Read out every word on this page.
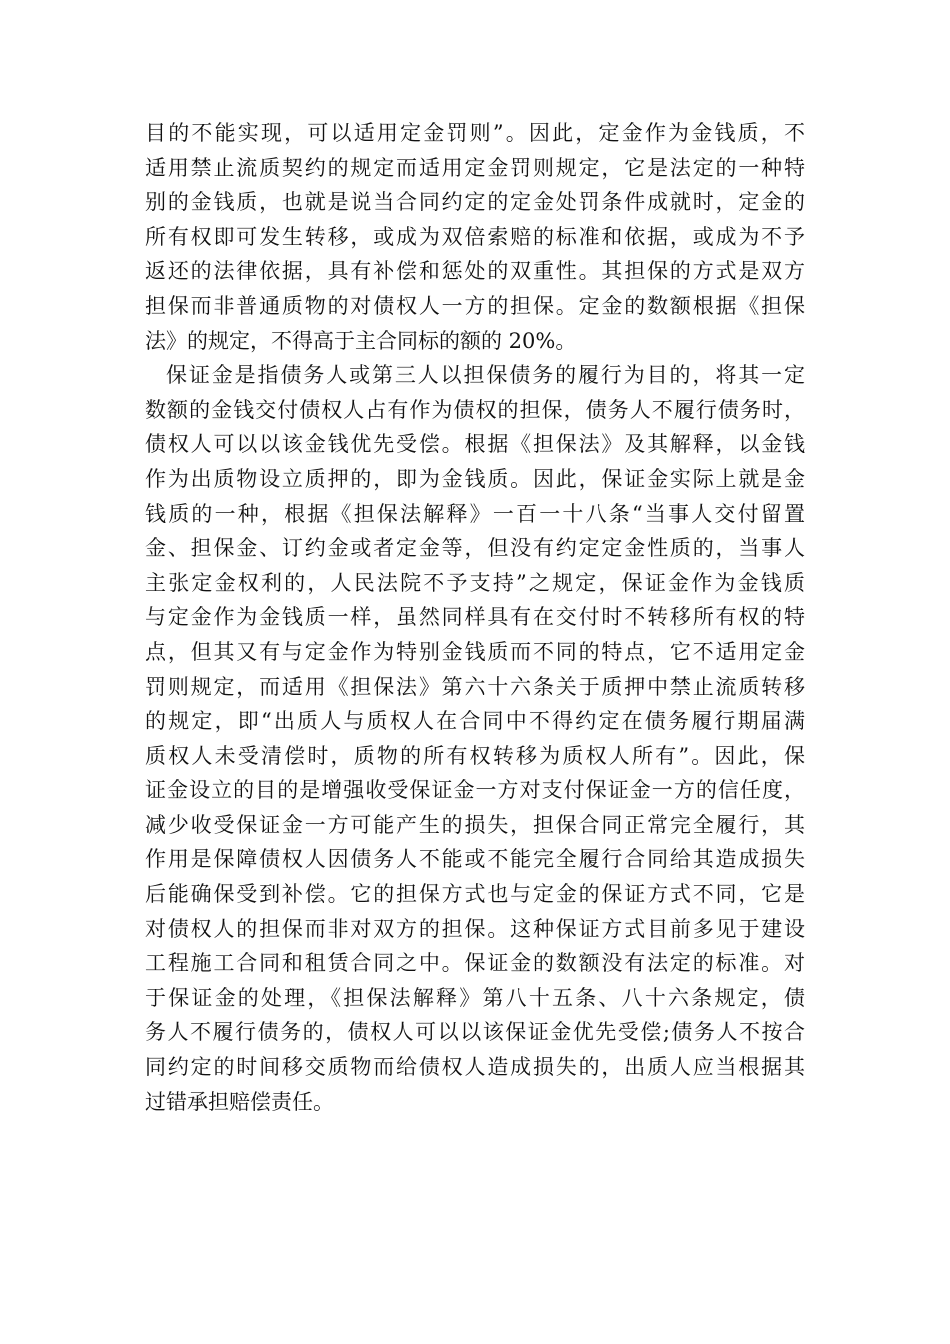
目的不能实现，可以适用定金罚则”。因此，定金作为金钱质，不
适用禁止流质契约的规定而适用定金罚则规定，它是法定的一种特
别的金钱质，也就是说当合同约定的定金处罚条件成就时，定金的
所有权即可发生转移，或成为双倍索赔的标准和依据，或成为不予
返还的法律依据，具有补偿和惩处的双重性。其担保的方式是双方
担保而非普通质物的对债权人一方的担保。定金的数额根据《担保
法》的规定，不得高于主合同标的额的 20%。
保证金是指债务人或第三人以担保债务的履行为目的，将其一定
数额的金钱交付债权人占有作为债权的担保，债务人不履行债务时，
债权人可以以该金钱优先受偿。根据《担保法》及其解释，以金钱
作为出质物设立质押的，即为金钱质。因此，保证金实际上就是金
钱质的一种，根据《担保法解释》一百一十八条“当事人交付留置
金、担保金、订约金或者定金等，但没有约定定金性质的，当事人
主张定金权利的，人民法院不予支持”之规定，保证金作为金钱质
与定金作为金钱质一样，虽然同样具有在交付时不转移所有权的特
点，但其又有与定金作为特别金钱质而不同的特点，它不适用定金
罚则规定，而适用《担保法》第六十六条关于质押中禁止流质转移
的规定，即“出质人与质权人在合同中不得约定在债务履行期届满
质权人未受清偿时，质物的所有权转移为质权人所有”。因此，保
证金设立的目的是增强收受保证金一方对支付保证金一方的信任度，
减少收受保证金一方可能产生的损失，担保合同正常完全履行，其
作用是保障债权人因债务人不能或不能完全履行合同给其造成损失
后能确保受到补偿。它的担保方式也与定金的保证方式不同，它是
对债权人的担保而非对双方的担保。这种保证方式目前多见于建设
工程施工合同和租赁合同之中。保证金的数额没有法定的标准。对
于保证金的处理，《担保法解释》第八十五条、八十六条规定，债
务人不履行债务的，债权人可以以该保证金优先受偿;债务人不按合
同约定的时间移交质物而给债权人造成损失的，出质人应当根据其
过错承担赔偿责任。
